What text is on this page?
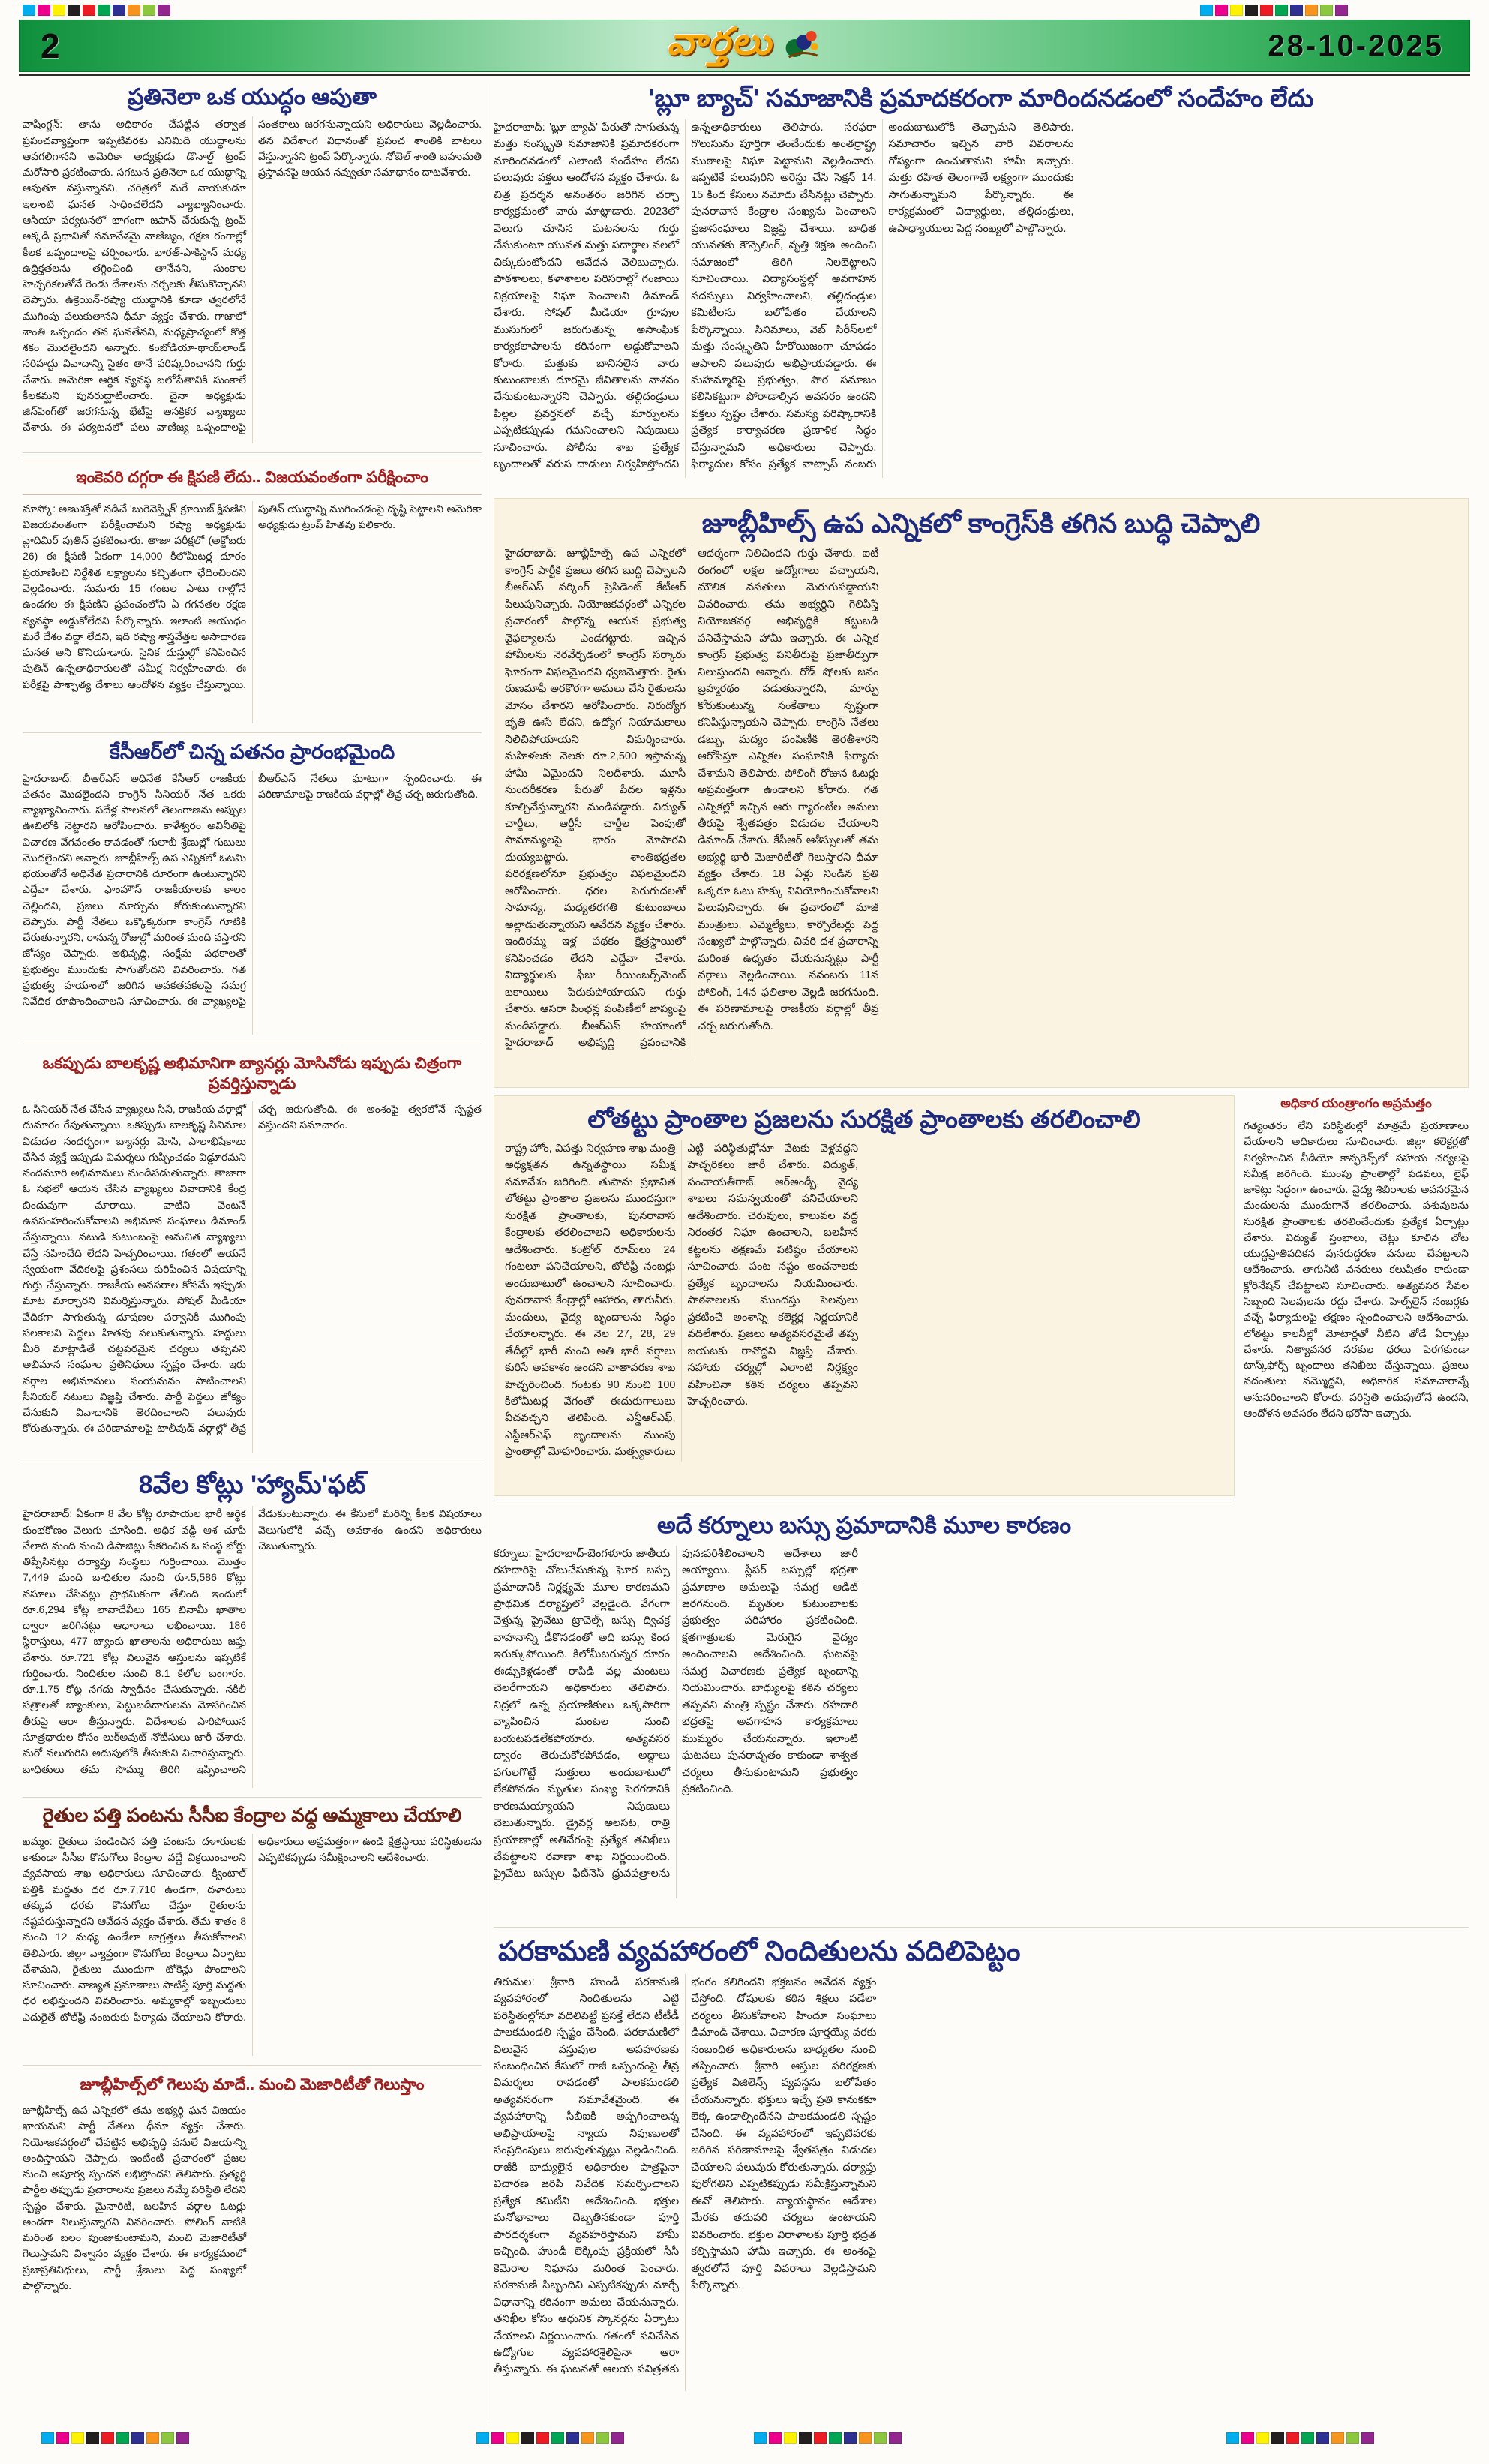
2	వార్తలు	28-10-2025
ప్రతినెలా ఒక యుద్ధం ఆపుతా
వాషింగ్టన్: తాను అధికారం చేపట్టిన తర్వాత ప్రపంచవ్యాప్తంగా ఇప్పటివరకు ఎనిమిది యుద్ధాలను ఆపగలిగానని అమెరికా అధ్యక్షుడు డొనాల్డ్ ట్రంప్ మరోసారి ప్రకటించారు. సగటున ప్రతినెలా ఒక యుద్ధాన్ని ఆపుతూ వస్తున్నానని, చరిత్రలో మరే నాయకుడూ ఇలాంటి ఘనత సాధించలేదని వ్యాఖ్యానించారు. ఆసియా పర్యటనలో భాగంగా జపాన్ చేరుకున్న ట్రంప్ అక్కడి ప్రధానితో సమావేశమై వాణిజ్యం, రక్షణ రంగాల్లో కీలక ఒప్పందాలపై చర్చించారు. భారత్-పాకిస్థాన్ మధ్య ఉద్రిక్తతలను తగ్గించింది తానేనని, సుంకాల హెచ్చరికలతోనే రెండు దేశాలను చర్చలకు తీసుకొచ్చానని చెప్పారు. ఉక్రెయిన్-రష్యా యుద్ధానికి కూడా త్వరలోనే ముగింపు పలుకుతానని ధీమా వ్యక్తం చేశారు. గాజాలో శాంతి ఒప్పందం తన ఘనతేనని, మధ్యప్రాచ్యంలో కొత్త శకం మొదలైందని అన్నారు. కంబోడియా-థాయ్‌లాండ్ సరిహద్దు వివాదాన్ని సైతం తానే పరిష్కరించానని గుర్తు చేశారు. అమెరికా ఆర్థిక వ్యవస్థ బలోపేతానికి సుంకాలే కీలకమని పునరుద్ఘాటించారు. చైనా అధ్యక్షుడు జిన్‌పింగ్‌తో జరగనున్న భేటీపై ఆసక్తికర వ్యాఖ్యలు చేశారు. ఈ పర్యటనలో పలు వాణిజ్య ఒప్పందాలపై సంతకాలు జరగనున్నాయని అధికారులు వెల్లడించారు. తన విదేశాంగ విధానంతో ప్రపంచ శాంతికి బాటలు వేస్తున్నానని ట్రంప్ పేర్కొన్నారు. నోబెల్ శాంతి బహుమతి ప్రస్తావనపై ఆయన నవ్వుతూ సమాధానం దాటవేశారు.
ఇంకెవరి దగ్గరా ఈ క్షిపణి లేదు.. విజయవంతంగా పరీక్షించాం
మాస్కో: అణుశక్తితో నడిచే 'బురెవెస్త్నిక్' క్రూయిజ్ క్షిపణిని విజయవంతంగా పరీక్షించామని రష్యా అధ్యక్షుడు వ్లాదిమిర్ పుతిన్ ప్రకటించారు. తాజా పరీక్షలో (అక్టోబరు 26) ఈ క్షిపణి ఏకంగా 14,000 కిలోమీటర్ల దూరం ప్రయాణించి నిర్దేశిత లక్ష్యాలను కచ్చితంగా ఛేదించిందని వెల్లడించారు. సుమారు 15 గంటల పాటు గాల్లోనే ఉండగల ఈ క్షిపణిని ప్రపంచంలోని ఏ గగనతల రక్షణ వ్యవస్థా అడ్డుకోలేదని పేర్కొన్నారు. ఇలాంటి ఆయుధం మరే దేశం వద్దా లేదని, ఇది రష్యా శాస్త్రవేత్తల అసాధారణ ఘనత అని కొనియాడారు. సైనిక దుస్తుల్లో కనిపించిన పుతిన్ ఉన్నతాధికారులతో సమీక్ష నిర్వహించారు. ఈ పరీక్షపై పాశ్చాత్య దేశాలు ఆందోళన వ్యక్తం చేస్తున్నాయి. పుతిన్ యుద్ధాన్ని ముగించడంపై దృష్టి పెట్టాలని అమెరికా అధ్యక్షుడు ట్రంప్ హితవు పలికారు.
కేసీఆర్‌లో చిన్న పతనం ప్రారంభమైంది
హైదరాబాద్: బీఆర్ఎస్ అధినేత కేసీఆర్ రాజకీయ పతనం మొదలైందని కాంగ్రెస్ సీనియర్ నేత ఒకరు వ్యాఖ్యానించారు. పదేళ్ల పాలనలో తెలంగాణను అప్పుల ఊబిలోకి నెట్టారని ఆరోపించారు. కాళేశ్వరం అవినీతిపై విచారణ వేగవంతం కావడంతో గులాబీ శ్రేణుల్లో గుబులు మొదలైందని అన్నారు. జూబ్లీహిల్స్ ఉప ఎన్నికలో ఓటమి భయంతోనే అధినేత ప్రచారానికి దూరంగా ఉంటున్నారని ఎద్దేవా చేశారు. ఫాంహౌస్ రాజకీయాలకు కాలం చెల్లిందని, ప్రజలు మార్పును కోరుకుంటున్నారని చెప్పారు. పార్టీ నేతలు ఒక్కొక్కరుగా కాంగ్రెస్ గూటికి చేరుతున్నారని, రానున్న రోజుల్లో మరింత మంది వస్తారని జోస్యం చెప్పారు. అభివృద్ధి, సంక్షేమ పథకాలతో ప్రభుత్వం ముందుకు సాగుతోందని వివరించారు. గత ప్రభుత్వ హయాంలో జరిగిన అవకతవకలపై సమగ్ర నివేదిక రూపొందించాలని సూచించారు. ఈ వ్యాఖ్యలపై బీఆర్ఎస్ నేతలు ఘాటుగా స్పందించారు. ఈ పరిణామాలపై రాజకీయ వర్గాల్లో తీవ్ర చర్చ జరుగుతోంది.
ఒకప్పుడు బాలకృష్ణ అభిమానిగా బ్యానర్లు మోసినోడు ఇప్పుడు చిత్రంగా ప్రవర్తిస్తున్నాడు
ఓ సీనియర్ నేత చేసిన వ్యాఖ్యలు సినీ, రాజకీయ వర్గాల్లో దుమారం రేపుతున్నాయి. ఒకప్పుడు బాలకృష్ణ సినిమాల విడుదల సందర్భంగా బ్యానర్లు మోసి, పాలాభిషేకాలు చేసిన వ్యక్తే ఇప్పుడు విమర్శలు గుప్పించడం విడ్డూరమని నందమూరి అభిమానులు మండిపడుతున్నారు. తాజాగా ఓ సభలో ఆయన చేసిన వ్యాఖ్యలు వివాదానికి కేంద్ర బిందువుగా మారాయి. వాటిని వెంటనే ఉపసంహరించుకోవాలని అభిమాన సంఘాలు డిమాండ్ చేస్తున్నాయి. నటుడి కుటుంబంపై అనుచిత వ్యాఖ్యలు చేస్తే సహించేది లేదని హెచ్చరించాయి. గతంలో ఆయనే స్వయంగా వేదికలపై ప్రశంసలు కురిపించిన విషయాన్ని గుర్తు చేస్తున్నారు. రాజకీయ అవసరాల కోసమే ఇప్పుడు మాట మార్చారని విమర్శిస్తున్నారు. సోషల్ మీడియా వేదికగా సాగుతున్న దూషణల పర్వానికి ముగింపు పలకాలని పెద్దలు హితవు పలుకుతున్నారు. హద్దులు మీరి మాట్లాడితే చట్టపరమైన చర్యలు తప్పవని అభిమాన సంఘాల ప్రతినిధులు స్పష్టం చేశారు. ఇరు వర్గాల అభిమానులు సంయమనం పాటించాలని సీనియర్ నటులు విజ్ఞప్తి చేశారు. పార్టీ పెద్దలు జోక్యం చేసుకుని వివాదానికి తెరదించాలని పలువురు కోరుతున్నారు. ఈ పరిణామాలపై టాలీవుడ్ వర్గాల్లో తీవ్ర చర్చ జరుగుతోంది. ఈ అంశంపై త్వరలోనే స్పష్టత వస్తుందని సమాచారం.
8వేల కోట్లు 'హ్యామ్'ఫట్
హైదరాబాద్: ఏకంగా 8 వేల కోట్ల రూపాయల భారీ ఆర్థిక కుంభకోణం వెలుగు చూసింది. అధిక వడ్డీ ఆశ చూపి వేలాది మంది నుంచి డిపాజిట్లు సేకరించిన ఓ సంస్థ బోర్డు తిప్పేసినట్లు దర్యాప్తు సంస్థలు గుర్తించాయి. మొత్తం 7,449 మంది బాధితుల నుంచి రూ.5,586 కోట్లు వసూలు చేసినట్లు ప్రాథమికంగా తేలింది. ఇందులో రూ.6,294 కోట్ల లావాదేవీలు 165 బినామీ ఖాతాల ద్వారా జరిగినట్లు ఆధారాలు లభించాయి. 186 స్థిరాస్తులు, 477 బ్యాంకు ఖాతాలను అధికారులు జప్తు చేశారు. రూ.721 కోట్ల విలువైన ఆస్తులను ఇప్పటికే గుర్తించారు. నిందితుల నుంచి 8.1 కిలోల బంగారం, రూ.1.75 కోట్ల నగదు స్వాధీనం చేసుకున్నారు. నకిలీ పత్రాలతో బ్యాంకులు, పెట్టుబడిదారులను మోసగించిన తీరుపై ఆరా తీస్తున్నారు. విదేశాలకు పారిపోయిన సూత్రధారుల కోసం లుక్అవుట్ నోటీసులు జారీ చేశారు. మరో నలుగురిని అదుపులోకి తీసుకుని విచారిస్తున్నారు. బాధితులు తమ సొమ్ము తిరిగి ఇప్పించాలని వేడుకుంటున్నారు. ఈ కేసులో మరిన్ని కీలక విషయాలు వెలుగులోకి వచ్చే అవకాశం ఉందని అధికారులు చెబుతున్నారు.
రైతుల పత్తి పంటను సీసీఐ కేంద్రాల వద్ద అమ్మకాలు చేయాలి
ఖమ్మం: రైతులు పండించిన పత్తి పంటను దళారులకు కాకుండా సీసీఐ కొనుగోలు కేంద్రాల వద్దే విక్రయించాలని వ్యవసాయ శాఖ అధికారులు సూచించారు. క్వింటాల్ పత్తికి మద్దతు ధర రూ.7,710 ఉండగా, దళారులు తక్కువ ధరకు కొనుగోలు చేస్తూ రైతులను నష్టపరుస్తున్నారని ఆవేదన వ్యక్తం చేశారు. తేమ శాతం 8 నుంచి 12 మధ్య ఉండేలా జాగ్రత్తలు తీసుకోవాలని తెలిపారు. జిల్లా వ్యాప్తంగా కొనుగోలు కేంద్రాలు ఏర్పాటు చేశామని, రైతులు ముందుగా టోకెన్లు పొందాలని సూచించారు. నాణ్యత ప్రమాణాలు పాటిస్తే పూర్తి మద్దతు ధర లభిస్తుందని వివరించారు. అమ్మకాల్లో ఇబ్బందులు ఎదురైతే టోల్‌ఫ్రీ నంబరుకు ఫిర్యాదు చేయాలని కోరారు. అధికారులు అప్రమత్తంగా ఉండి క్షేత్రస్థాయి పరిస్థితులను ఎప్పటికప్పుడు సమీక్షించాలని ఆదేశించారు.
జూబ్లీహిల్స్‌లో గెలుపు మాదే.. మంచి మెజారిటీతో గెలుస్తాం
జూబ్లీహిల్స్ ఉప ఎన్నికలో తమ అభ్యర్థి ఘన విజయం ఖాయమని పార్టీ నేతలు ధీమా వ్యక్తం చేశారు. నియోజకవర్గంలో చేపట్టిన అభివృద్ధి పనులే విజయాన్ని అందిస్తాయని చెప్పారు. ఇంటింటి ప్రచారంలో ప్రజల నుంచి అపూర్వ స్పందన లభిస్తోందని తెలిపారు. ప్రత్యర్థి పార్టీల తప్పుడు ప్రచారాలను ప్రజలు నమ్మే పరిస్థితి లేదని స్పష్టం చేశారు. మైనారిటీ, బలహీన వర్గాల ఓటర్లు అండగా నిలుస్తున్నారని వివరించారు. పోలింగ్ నాటికి మరింత బలం పుంజుకుంటామని, మంచి మెజారిటీతో గెలుస్తామని విశ్వాసం వ్యక్తం చేశారు. ఈ కార్యక్రమంలో ప్రజాప్రతినిధులు, పార్టీ శ్రేణులు పెద్ద సంఖ్యలో పాల్గొన్నారు.
'బ్లూ బ్యాచ్' సమాజానికి ప్రమాదకరంగా మారిందనడంలో సందేహం లేదు
హైదరాబాద్: 'బ్లూ బ్యాచ్' పేరుతో సాగుతున్న మత్తు సంస్కృతి సమాజానికి ప్రమాదకరంగా మారిందనడంలో ఎలాంటి సందేహం లేదని పలువురు వక్తలు ఆందోళన వ్యక్తం చేశారు. ఓ చిత్ర ప్రదర్శన అనంతరం జరిగిన చర్చా కార్యక్రమంలో వారు మాట్లాడారు. 2023లో వెలుగు చూసిన ఘటనలను గుర్తు చేసుకుంటూ యువత మత్తు పదార్థాల వలలో చిక్కుకుంటోందని ఆవేదన వెలిబుచ్చారు. పాఠశాలలు, కళాశాలల పరిసరాల్లో గంజాయి విక్రయాలపై నిఘా పెంచాలని డిమాండ్ చేశారు. సోషల్ మీడియా గ్రూపుల ముసుగులో జరుగుతున్న అసాంఘిక కార్యకలాపాలను కఠినంగా అడ్డుకోవాలని కోరారు. మత్తుకు బానిసలైన వారు కుటుంబాలకు దూరమై జీవితాలను నాశనం చేసుకుంటున్నారని చెప్పారు. తల్లిదండ్రులు పిల్లల ప్రవర్తనలో వచ్చే మార్పులను ఎప్పటికప్పుడు గమనించాలని నిపుణులు సూచించారు. పోలీసు శాఖ ప్రత్యేక బృందాలతో వరుస దాడులు నిర్వహిస్తోందని ఉన్నతాధికారులు తెలిపారు. సరఫరా గొలుసును పూర్తిగా తెంచేందుకు అంతర్రాష్ట్ర ముఠాలపై నిఘా పెట్టామని వెల్లడించారు. ఇప్పటికే పలువురిని అరెస్టు చేసి సెక్షన్ 14, 15 కింద కేసులు నమోదు చేసినట్లు చెప్పారు. పునరావాస కేంద్రాల సంఖ్యను పెంచాలని ప్రజాసంఘాలు విజ్ఞప్తి చేశాయి. బాధిత యువతకు కౌన్సెలింగ్, వృత్తి శిక్షణ అందించి సమాజంలో తిరిగి నిలబెట్టాలని సూచించాయి. విద్యాసంస్థల్లో అవగాహన సదస్సులు నిర్వహించాలని, తల్లిదండ్రుల కమిటీలను బలోపేతం చేయాలని పేర్కొన్నాయి. సినిమాలు, వెబ్ సిరీస్‌లలో మత్తు సంస్కృతిని హీరోయిజంగా చూపడం ఆపాలని పలువురు అభిప్రాయపడ్డారు. ఈ మహమ్మారిపై ప్రభుత్వం, పౌర సమాజం కలిసికట్టుగా పోరాడాల్సిన అవసరం ఉందని వక్తలు స్పష్టం చేశారు. సమస్య పరిష్కారానికి ప్రత్యేక కార్యాచరణ ప్రణాళిక సిద్ధం చేస్తున్నామని అధికారులు చెప్పారు. ఫిర్యాదుల కోసం ప్రత్యేక వాట్సాప్ నంబరు అందుబాటులోకి తెచ్చామని తెలిపారు. సమాచారం ఇచ్చిన వారి వివరాలను గోప్యంగా ఉంచుతామని హామీ ఇచ్చారు. మత్తు రహిత తెలంగాణే లక్ష్యంగా ముందుకు సాగుతున్నామని పేర్కొన్నారు. ఈ కార్యక్రమంలో విద్యార్థులు, తల్లిదండ్రులు, ఉపాధ్యాయులు పెద్ద సంఖ్యలో పాల్గొన్నారు.
జూబ్లీహిల్స్ ఉప ఎన్నికలో కాంగ్రెస్‌కి తగిన బుద్ధి చెప్పాలి
హైదరాబాద్: జూబ్లీహిల్స్ ఉప ఎన్నికలో కాంగ్రెస్ పార్టీకి ప్రజలు తగిన బుద్ధి చెప్పాలని బీఆర్ఎస్ వర్కింగ్ ప్రెసిడెంట్ కేటీఆర్ పిలుపునిచ్చారు. నియోజకవర్గంలో ఎన్నికల ప్రచారంలో పాల్గొన్న ఆయన ప్రభుత్వ వైఫల్యాలను ఎండగట్టారు. ఇచ్చిన హామీలను నెరవేర్చడంలో కాంగ్రెస్ సర్కారు ఘోరంగా విఫలమైందని ధ్వజమెత్తారు. రైతు రుణమాఫీ అరకొరగా అమలు చేసి రైతులను మోసం చేశారని ఆరోపించారు. నిరుద్యోగ భృతి ఊసే లేదని, ఉద్యోగ నియామకాలు నిలిచిపోయాయని విమర్శించారు. మహిళలకు నెలకు రూ.2,500 ఇస్తామన్న హామీ ఏమైందని నిలదీశారు. మూసీ సుందరీకరణ పేరుతో పేదల ఇళ్లను కూల్చివేస్తున్నారని మండిపడ్డారు. విద్యుత్ చార్జీలు, ఆర్టీసీ చార్జీల పెంపుతో సామాన్యులపై భారం మోపారని దుయ్యబట్టారు. శాంతిభద్రతల పరిరక్షణలోనూ ప్రభుత్వం విఫలమైందని ఆరోపించారు. ధరల పెరుగుదలతో సామాన్య, మధ్యతరగతి కుటుంబాలు అల్లాడుతున్నాయని ఆవేదన వ్యక్తం చేశారు. ఇందిరమ్మ ఇళ్ల పథకం క్షేత్రస్థాయిలో కనిపించడం లేదని ఎద్దేవా చేశారు. విద్యార్థులకు ఫీజు రీయింబర్స్‌మెంట్ బకాయిలు పేరుకుపోయాయని గుర్తు చేశారు. ఆసరా పింఛన్ల పంపిణీలో జాప్యంపై మండిపడ్డారు. బీఆర్ఎస్ హయాంలో హైదరాబాద్ అభివృద్ధి ప్రపంచానికి ఆదర్శంగా నిలిచిందని గుర్తు చేశారు. ఐటీ రంగంలో లక్షల ఉద్యోగాలు వచ్చాయని, మౌలిక వసతులు మెరుగుపడ్డాయని వివరించారు. తమ అభ్యర్థిని గెలిపిస్తే నియోజకవర్గ అభివృద్ధికి కట్టుబడి పనిచేస్తామని హామీ ఇచ్చారు. ఈ ఎన్నిక కాంగ్రెస్ ప్రభుత్వ పనితీరుపై ప్రజాతీర్పుగా నిలుస్తుందని అన్నారు. రోడ్ షోలకు జనం బ్రహ్మరథం పడుతున్నారని, మార్పు కోరుకుంటున్న సంకేతాలు స్పష్టంగా కనిపిస్తున్నాయని చెప్పారు. కాంగ్రెస్ నేతలు డబ్బు, మద్యం పంపిణీకి తెరతీశారని ఆరోపిస్తూ ఎన్నికల సంఘానికి ఫిర్యాదు చేశామని తెలిపారు. పోలింగ్ రోజున ఓటర్లు అప్రమత్తంగా ఉండాలని కోరారు. గత ఎన్నికల్లో ఇచ్చిన ఆరు గ్యారంటీల అమలు తీరుపై శ్వేతపత్రం విడుదల చేయాలని డిమాండ్ చేశారు. కేసీఆర్ ఆశీస్సులతో తమ అభ్యర్థి భారీ మెజారిటీతో గెలుస్తారని ధీమా వ్యక్తం చేశారు. 18 ఏళ్లు నిండిన ప్రతి ఒక్కరూ ఓటు హక్కు వినియోగించుకోవాలని పిలుపునిచ్చారు. ఈ ప్రచారంలో మాజీ మంత్రులు, ఎమ్మెల్యేలు, కార్పొరేటర్లు పెద్ద సంఖ్యలో పాల్గొన్నారు. చివరి దశ ప్రచారాన్ని మరింత ఉధృతం చేయనున్నట్లు పార్టీ వర్గాలు వెల్లడించాయి. నవంబరు 11న పోలింగ్, 14న ఫలితాల వెల్లడి జరగనుంది. ఈ పరిణామాలపై రాజకీయ వర్గాల్లో తీవ్ర చర్చ జరుగుతోంది.
లోతట్టు ప్రాంతాల ప్రజలను సురక్షిత ప్రాంతాలకు తరలించాలి
రాష్ట్ర హోం, విపత్తు నిర్వహణ శాఖ మంత్రి అధ్యక్షతన ఉన్నతస్థాయి సమీక్ష సమావేశం జరిగింది. తుపాను ప్రభావిత లోతట్టు ప్రాంతాల ప్రజలను ముందస్తుగా సురక్షిత ప్రాంతాలకు, పునరావాస కేంద్రాలకు తరలించాలని అధికారులను ఆదేశించారు. కంట్రోల్ రూమ్‌లు 24 గంటలూ పనిచేయాలని, టోల్‌ఫ్రీ నంబర్లు అందుబాటులో ఉంచాలని సూచించారు. పునరావాస కేంద్రాల్లో ఆహారం, తాగునీరు, మందులు, వైద్య బృందాలను సిద్ధం చేయాలన్నారు. ఈ నెల 27, 28, 29 తేదీల్లో భారీ నుంచి అతి భారీ వర్షాలు కురిసే అవకాశం ఉందని వాతావరణ శాఖ హెచ్చరించింది. గంటకు 90 నుంచి 100 కిలోమీటర్ల వేగంతో ఈదురుగాలులు వీచవచ్చని తెలిపింది. ఎన్డీఆర్ఎఫ్, ఎస్డీఆర్ఎఫ్ బృందాలను ముంపు ప్రాంతాల్లో మోహరించారు. మత్స్యకారులు ఎట్టి పరిస్థితుల్లోనూ వేటకు వెళ్లవద్దని హెచ్చరికలు జారీ చేశారు. విద్యుత్, పంచాయతీరాజ్, ఆర్అండ్బీ, వైద్య శాఖలు సమన్వయంతో పనిచేయాలని ఆదేశించారు. చెరువులు, కాలువల వద్ద నిరంతర నిఘా ఉంచాలని, బలహీన కట్టలను తక్షణమే పటిష్ఠం చేయాలని సూచించారు. పంట నష్టం అంచనాలకు ప్రత్యేక బృందాలను నియమించారు. పాఠశాలలకు ముందస్తు సెలవులు ప్రకటించే అంశాన్ని కలెక్టర్ల నిర్ణయానికి వదిలేశారు. ప్రజలు అత్యవసరమైతే తప్ప బయటకు రావొద్దని విజ్ఞప్తి చేశారు. సహాయ చర్యల్లో ఎలాంటి నిర్లక్ష్యం వహించినా కఠిన చర్యలు తప్పవని హెచ్చరించారు.
అధికార యంత్రాంగం అప్రమత్తం
గత్యంతరం లేని పరిస్థితుల్లో మాత్రమే ప్రయాణాలు చేయాలని అధికారులు సూచించారు. జిల్లా కలెక్టర్లతో నిర్వహించిన వీడియో కాన్ఫరెన్స్‌లో సహాయ చర్యలపై సమీక్ష జరిగింది. ముంపు ప్రాంతాల్లో పడవలు, లైఫ్ జాకెట్లు సిద్ధంగా ఉంచారు. వైద్య శిబిరాలకు అవసరమైన మందులను ముందుగానే తరలించారు. పశువులను సురక్షిత ప్రాంతాలకు తరలించేందుకు ప్రత్యేక ఏర్పాట్లు చేశారు. విద్యుత్ స్తంభాలు, చెట్లు కూలిన చోట యుద్ధప్రాతిపదికన పునరుద్ధరణ పనులు చేపట్టాలని ఆదేశించారు. తాగునీటి వనరులు కలుషితం కాకుండా క్లోరినేషన్ చేపట్టాలని సూచించారు. అత్యవసర సేవల సిబ్బంది సెలవులను రద్దు చేశారు. హెల్ప్‌లైన్ నంబర్లకు వచ్చే ఫిర్యాదులపై తక్షణం స్పందించాలని ఆదేశించారు. లోతట్టు కాలనీల్లో మోటార్లతో నీటిని తోడే ఏర్పాట్లు చేశారు. నిత్యావసర సరకుల ధరలు పెరగకుండా టాస్క్‌ఫోర్స్ బృందాలు తనిఖీలు చేస్తున్నాయి. ప్రజలు వదంతులు నమ్మొద్దని, అధికారిక సమాచారాన్నే అనుసరించాలని కోరారు. పరిస్థితి అదుపులోనే ఉందని, ఆందోళన అవసరం లేదని భరోసా ఇచ్చారు.
అదే కర్నూలు బస్సు ప్రమాదానికి మూల కారణం
కర్నూలు: హైదరాబాద్-బెంగళూరు జాతీయ రహదారిపై చోటుచేసుకున్న ఘోర బస్సు ప్రమాదానికి నిర్లక్ష్యమే మూల కారణమని ప్రాథమిక దర్యాప్తులో వెల్లడైంది. వేగంగా వెళ్తున్న ప్రైవేటు ట్రావెల్స్ బస్సు ద్విచక్ర వాహనాన్ని ఢీకొనడంతో అది బస్సు కింద ఇరుక్కుపోయింది. కిలోమీటరున్నర దూరం ఈడ్చుకెళ్లడంతో రాపిడి వల్ల మంటలు చెలరేగాయని అధికారులు తెలిపారు. నిద్రలో ఉన్న ప్రయాణికులు ఒక్కసారిగా వ్యాపించిన మంటల నుంచి బయటపడలేకపోయారు. అత్యవసర ద్వారం తెరుచుకోకపోవడం, అద్దాలు పగులగొట్టే సుత్తులు అందుబాటులో లేకపోవడం మృతుల సంఖ్య పెరగడానికి కారణమయ్యాయని నిపుణులు చెబుతున్నారు. డ్రైవర్ల అలసట, రాత్రి ప్రయాణాల్లో అతివేగంపై ప్రత్యేక తనిఖీలు చేపట్టాలని రవాణా శాఖ నిర్ణయించింది. ప్రైవేటు బస్సుల ఫిట్‌నెస్ ధ్రువపత్రాలను పునఃపరిశీలించాలని ఆదేశాలు జారీ అయ్యాయి. స్లీపర్ బస్సుల్లో భద్రతా ప్రమాణాల అమలుపై సమగ్ర ఆడిట్ జరగనుంది. మృతుల కుటుంబాలకు ప్రభుత్వం పరిహారం ప్రకటించింది. క్షతగాత్రులకు మెరుగైన వైద్యం అందించాలని ఆదేశించింది. ఘటనపై సమగ్ర విచారణకు ప్రత్యేక బృందాన్ని నియమించారు. బాధ్యులపై కఠిన చర్యలు తప్పవని మంత్రి స్పష్టం చేశారు. రహదారి భద్రతపై అవగాహన కార్యక్రమాలు ముమ్మరం చేయనున్నారు. ఇలాంటి ఘటనలు పునరావృతం కాకుండా శాశ్వత చర్యలు తీసుకుంటామని ప్రభుత్వం ప్రకటించింది.
పరకామణి వ్యవహారంలో నిందితులను వదిలిపెట్టం
తిరుమల: శ్రీవారి హుండీ పరకామణి వ్యవహారంలో నిందితులను ఎట్టి పరిస్థితుల్లోనూ వదిలిపెట్టే ప్రసక్తే లేదని టీటీడీ పాలకమండలి స్పష్టం చేసింది. పరకామణిలో విలువైన వస్తువుల అపహరణకు సంబంధించిన కేసులో రాజీ ఒప్పందంపై తీవ్ర విమర్శలు రావడంతో పాలకమండలి అత్యవసరంగా సమావేశమైంది. ఈ వ్యవహారాన్ని సీబీఐకి అప్పగించాలన్న అభిప్రాయాలపై న్యాయ నిపుణులతో సంప్రదింపులు జరుపుతున్నట్లు వెల్లడించింది. రాజీకి బాధ్యులైన అధికారుల పాత్రపైనా విచారణ జరిపి నివేదిక సమర్పించాలని ప్రత్యేక కమిటీని ఆదేశించింది. భక్తుల మనోభావాలు దెబ్బతినకుండా పూర్తి పారదర్శకంగా వ్యవహరిస్తామని హామీ ఇచ్చింది. హుండీ లెక్కింపు ప్రక్రియలో సీసీ కెమెరాల నిఘాను మరింత పెంచారు. పరకామణి సిబ్బందిని ఎప్పటికప్పుడు మార్చే విధానాన్ని కఠినంగా అమలు చేయనున్నారు. తనిఖీల కోసం ఆధునిక స్కానర్లను ఏర్పాటు చేయాలని నిర్ణయించారు. గతంలో పనిచేసిన ఉద్యోగుల వ్యవహారశైలిపైనా ఆరా తీస్తున్నారు. ఈ ఘటనతో ఆలయ పవిత్రతకు భంగం కలిగిందని భక్తజనం ఆవేదన వ్యక్తం చేస్తోంది. దోషులకు కఠిన శిక్షలు పడేలా చర్యలు తీసుకోవాలని హిందూ సంఘాలు డిమాండ్ చేశాయి. విచారణ పూర్తయ్యే వరకు సంబంధిత అధికారులను బాధ్యతల నుంచి తప్పించారు. శ్రీవారి ఆస్తుల పరిరక్షణకు ప్రత్యేక విజిలెన్స్ వ్యవస్థను బలోపేతం చేయనున్నారు. భక్తులు ఇచ్చే ప్రతి కానుకకూ లెక్క ఉండాల్సిందేనని పాలకమండలి స్పష్టం చేసింది. ఈ వ్యవహారంలో ఇప్పటివరకు జరిగిన పరిణామాలపై శ్వేతపత్రం విడుదల చేయాలని పలువురు కోరుతున్నారు. దర్యాప్తు పురోగతిని ఎప్పటికప్పుడు సమీక్షిస్తున్నామని ఈవో తెలిపారు. న్యాయస్థానం ఆదేశాల మేరకు తదుపరి చర్యలు ఉంటాయని వివరించారు. భక్తుల విరాళాలకు పూర్తి భద్రత కల్పిస్తామని హామీ ఇచ్చారు. ఈ అంశంపై త్వరలోనే పూర్తి వివరాలు వెల్లడిస్తామని పేర్కొన్నారు.
